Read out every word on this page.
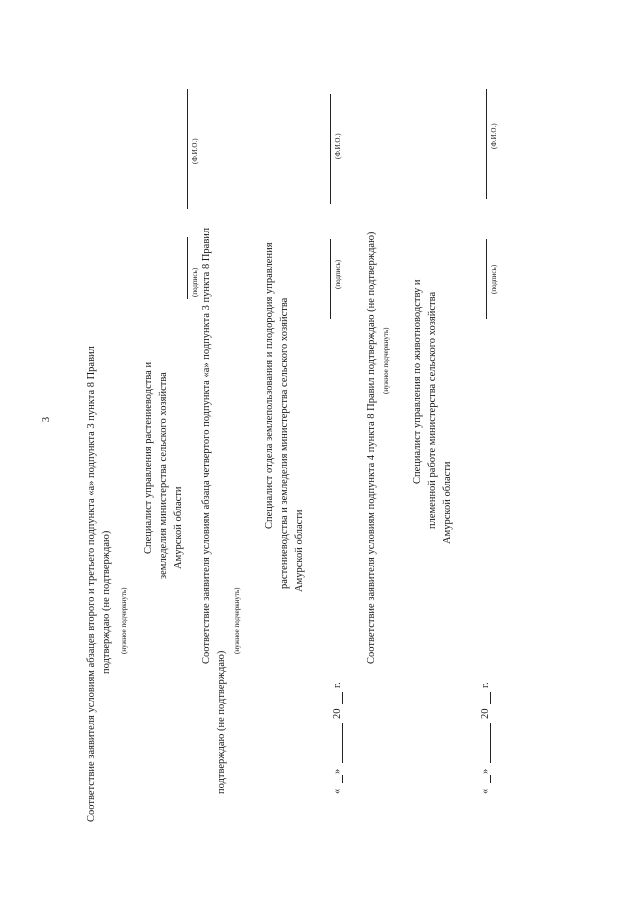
3	Соответствие заявителя условиям абзацев второго и третьего подпункта «а» подпункта 3 пункта 8 Правил подтверждаю (не подтверждаю) (нужное подчеркнуть)
Специалист управления растениеводства и земледелия министерства сельского хозяйства Амурской области
(подпись)
(Ф.И.О.)
Соответствие заявителя условиям абзаца четвертого подпункта «а» подпункта 3 пункта 8 Правил
подтверждаю (не подтверждаю)
(нужное подчеркнуть)
Специалист отдела землепользования и плодородия управления растениеводства и земледелия министерства сельского хозяйства Амурской области
(подпись)
(Ф.И.О.)
«
»
20
г.
Соответствие заявителя условиям подпункта 4 пункта 8 Правил подтверждаю (не подтверждаю) (нужное подчеркнуть) Специалист управления по животноводству и племенной работе министерства сельского хозяйства Амурской области
(подпись)
(Ф.И.О.)
«
»
20
г.
